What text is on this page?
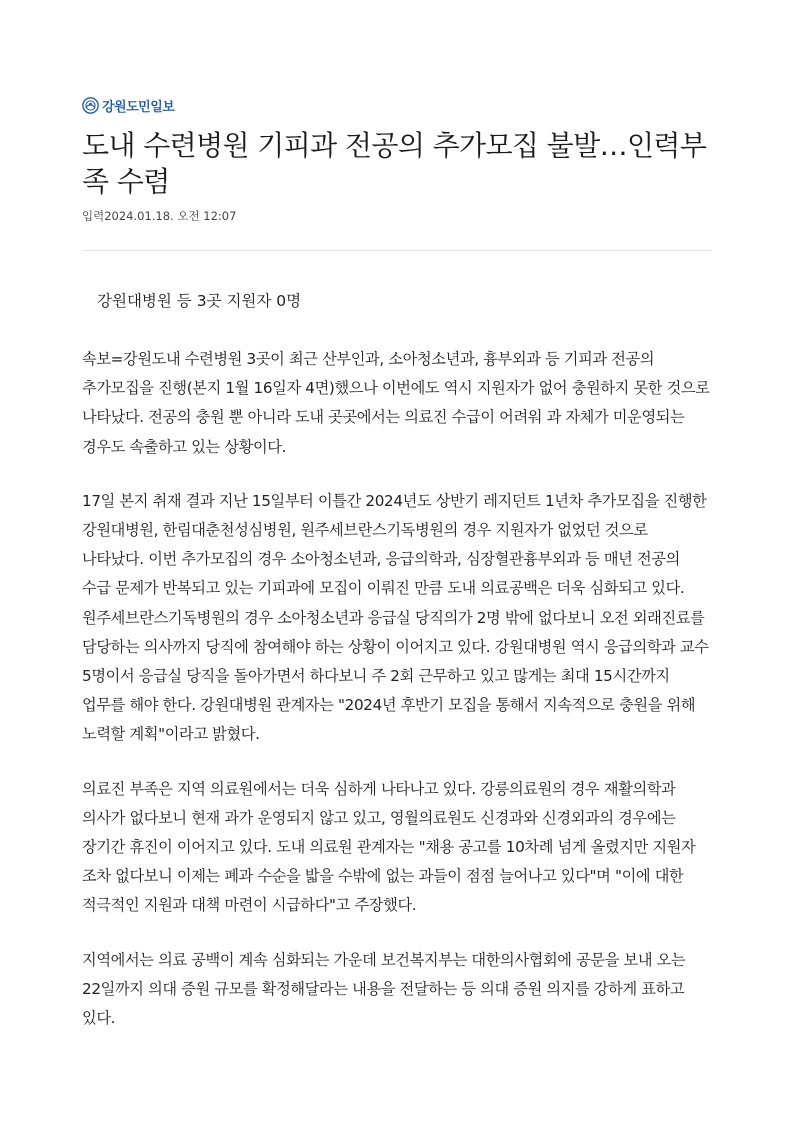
강원도민일보
도내 수련병원 기피과 전공의 추가모집 불발…인력부족 수렴
입력2024.01.18. 오전 12:07
강원대병원 등 3곳 지원자 0명

속보=강원도내 수련병원 3곳이 최근 산부인과, 소아청소년과, 흉부외과 등 기피과 전공의 추가모집을 진행(본지 1월 16일자 4면)했으나 이번에도 역시 지원자가 없어 충원하지 못한 것으로 나타났다. 전공의 충원 뿐 아니라 도내 곳곳에서는 의료진 수급이 어려워 과 자체가 미운영되는 경우도 속출하고 있는 상황이다.

17일 본지 취재 결과 지난 15일부터 이틀간 2024년도 상반기 레지던트 1년차 추가모집을 진행한 강원대병원, 한림대춘천성심병원, 원주세브란스기독병원의 경우 지원자가 없었던 것으로 나타났다. 이번 추가모집의 경우 소아청소년과, 응급의학과, 심장혈관흉부외과 등 매년 전공의 수급 문제가 반복되고 있는 기피과에 모집이 이뤄진 만큼 도내 의료공백은 더욱 심화되고 있다. 원주세브란스기독병원의 경우 소아청소년과 응급실 당직의가 2명 밖에 없다보니 오전 외래진료를 담당하는 의사까지 당직에 참여해야 하는 상황이 이어지고 있다. 강원대병원 역시 응급의학과 교수 5명이서 응급실 당직을 돌아가면서 하다보니 주 2회 근무하고 있고 많게는 최대 15시간까지 업무를 해야 한다. 강원대병원 관계자는 "2024년 후반기 모집을 통해서 지속적으로 충원을 위해 노력할 계획"이라고 밝혔다.

의료진 부족은 지역 의료원에서는 더욱 심하게 나타나고 있다. 강릉의료원의 경우 재활의학과 의사가 없다보니 현재 과가 운영되지 않고 있고, 영월의료원도 신경과와 신경외과의 경우에는 장기간 휴진이 이어지고 있다. 도내 의료원 관계자는 "채용 공고를 10차례 넘게 올렸지만 지원자 조차 없다보니 이제는 폐과 수순을 밟을 수밖에 없는 과들이 점점 늘어나고 있다"며 "이에 대한 적극적인 지원과 대책 마련이 시급하다"고 주장했다.

지역에서는 의료 공백이 계속 심화되는 가운데 보건복지부는 대한의사협회에 공문을 보내 오는 22일까지 의대 증원 규모를 확정해달라는 내용을 전달하는 등 의대 증원 의지를 강하게 표하고 있다.
